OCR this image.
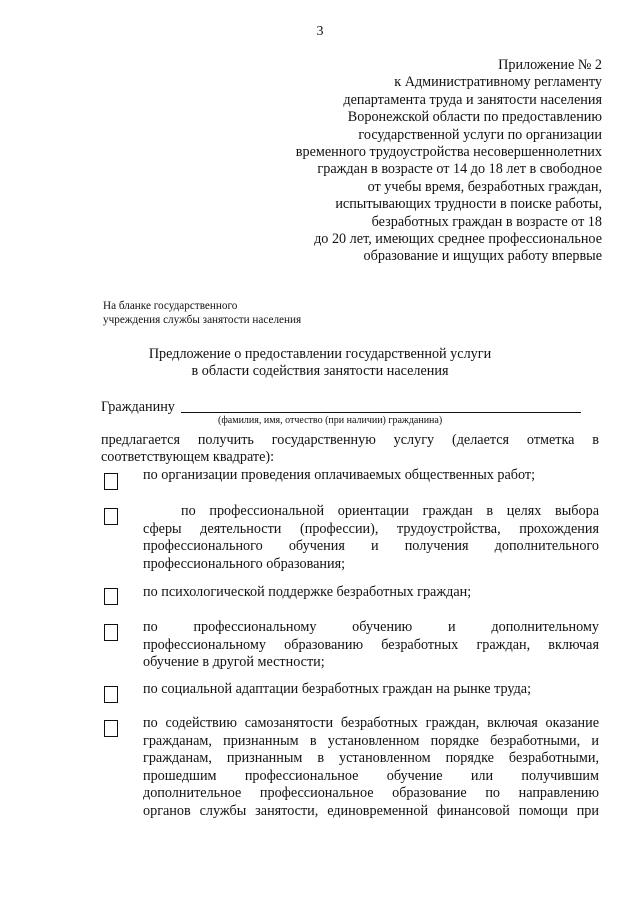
3
Приложение № 2
к Административному регламенту
департамента труда и занятости населения
Воронежской области по предоставлению
государственной услуги по организации
временного трудоустройства несовершеннолетних
граждан в возрасте от 14 до 18 лет в свободное
от учебы время, безработных граждан,
испытывающих трудности в поиске работы,
безработных граждан в возрасте от 18
до 20 лет, имеющих среднее профессиональное
образование и ищущих работу впервые
На бланке государственного
учреждения службы занятости населения
Предложение о предоставлении государственной услуги
в области содействия занятости населения
Гражданину
(фамилия, имя, отчество (при наличии) гражданина)
предлагается получить государственную услугу (делается отметка в
соответствующем квадрате):
по организации проведения оплачиваемых общественных работ;
по профессиональной ориентации граждан в целях выбора
сферы деятельности (профессии), трудоустройства, прохождения
профессионального обучения и получения дополнительного
профессионального образования;
по психологической поддержке безработных граждан;
по профессиональному обучению и дополнительному
профессиональному образованию безработных граждан, включая
обучение в другой местности;
по социальной адаптации безработных граждан на рынке труда;
по содействию самозанятости безработных граждан, включая оказание
гражданам, признанным в установленном порядке безработными, и
гражданам, признанным в установленном порядке безработными,
прошедшим профессиональное обучение или получившим
дополнительное профессиональное образование по направлению
органов службы занятости, единовременной финансовой помощи при
